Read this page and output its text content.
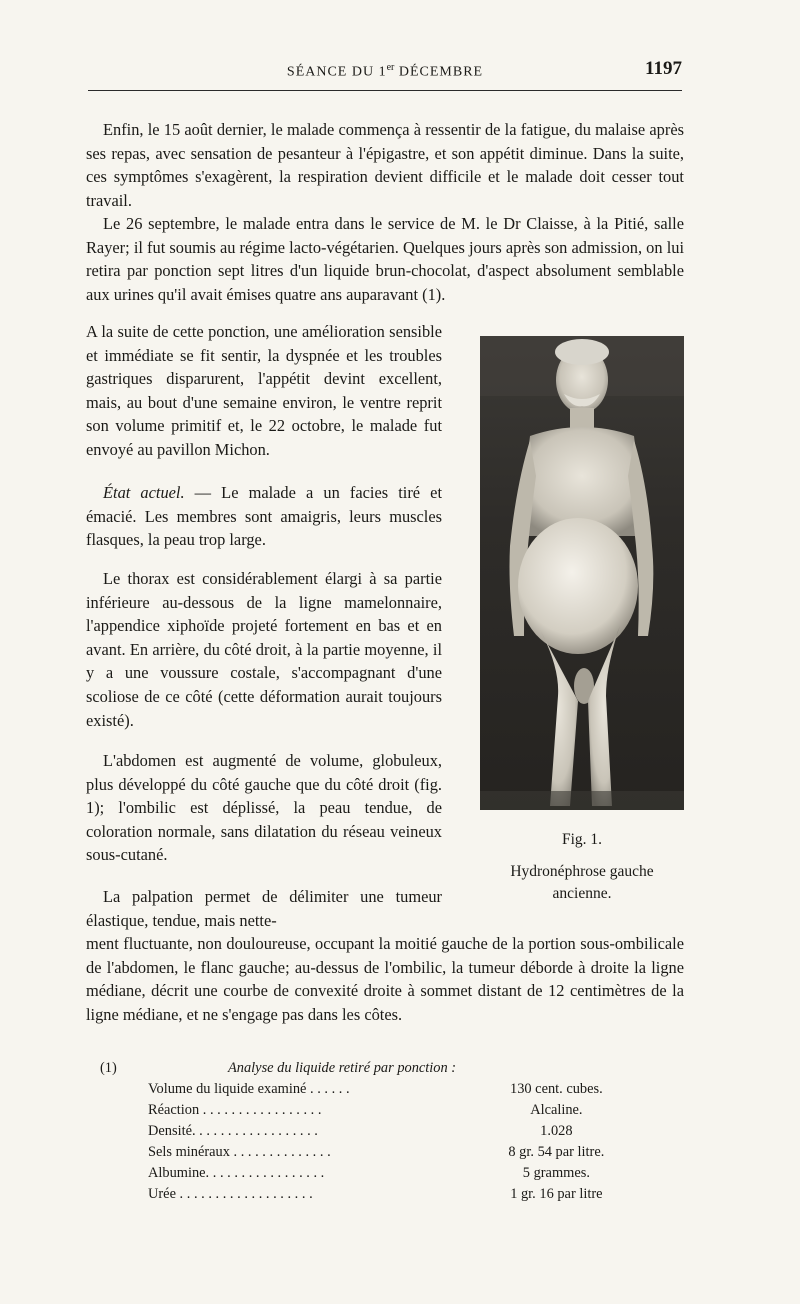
SÉANCE DU 1er DÉCEMBRE	1197

Enfin, le 15 août dernier, le malade commença à ressentir de la fatigue, du malaise après ses repas, avec sensation de pesanteur à l'épigastre, et son appétit diminue. Dans la suite, ces symptômes s'exagèrent, la respiration devient difficile et le malade doit cesser tout travail.

Le 26 septembre, le malade entra dans le service de M. le Dr Claisse, à la Pitié, salle Rayer; il fut soumis au régime lacto-végétarien. Quelques jours après son admission, on lui retira par ponction sept litres d'un liquide brun-chocolat, d'aspect absolument semblable aux urines qu'il avait émises quatre ans auparavant (1).

A la suite de cette ponction, une amélioration sensible et immédiate se fit sentir, la dyspnée et les troubles gastriques disparurent, l'appétit devint excellent, mais, au bout d'une semaine environ, le ventre reprit son volume primitif et, le 22 octobre, le malade fut envoyé au pavillon Michon.

État actuel. — Le malade a un facies tiré et émacié. Les membres sont amaigris, leurs muscles flasques, la peau trop large.

Le thorax est considérablement élargi à sa partie inférieure au-dessous de la ligne mamelonnaire, l'appendice xiphoïde projeté fortement en bas et en avant. En arrière, du côté droit, à la partie moyenne, il y a une voussure costale, s'accompagnant d'une scoliose de ce côté (cette déformation aurait toujours existé).

L'abdomen est augmenté de volume, globuleux, plus développé du côté gauche que du côté droit (fig. 1); l'ombilic est déplissé, la peau tendue, de coloration normale, sans dilatation du réseau veineux sous-cutané.

La palpation permet de délimiter une tumeur élastique, tendue, mais nette-

ment fluctuante, non douloureuse, occupant la moitié gauche de la portion sous-ombilicale de l'abdomen, le flanc gauche; au-dessus de l'ombilic, la tumeur déborde à droite la ligne médiane, décrit une courbe de convexité droite à sommet distant de 12 centimètres de la ligne médiane, et ne s'engage pas dans les côtes.

Fig. 1.

Hydronéphrose gauche

ancienne.

(1)	Analyse du liquide retiré par ponction :
Volume du liquide examiné . . . . . .	130 cent. cubes.
Réaction . . . . . . . . . . . . . . . . .	Alcaline.
Densité. . . . . . . . . . . . . . . . . .	1.028
Sels minéraux . . . . . . . . . . . . . .	8 gr. 54 par litre.
Albumine. . . . . . . . . . . . . . . . .	5 grammes.
Urée . . . . . . . . . . . . . . . . . . .	1 gr. 16 par litre
